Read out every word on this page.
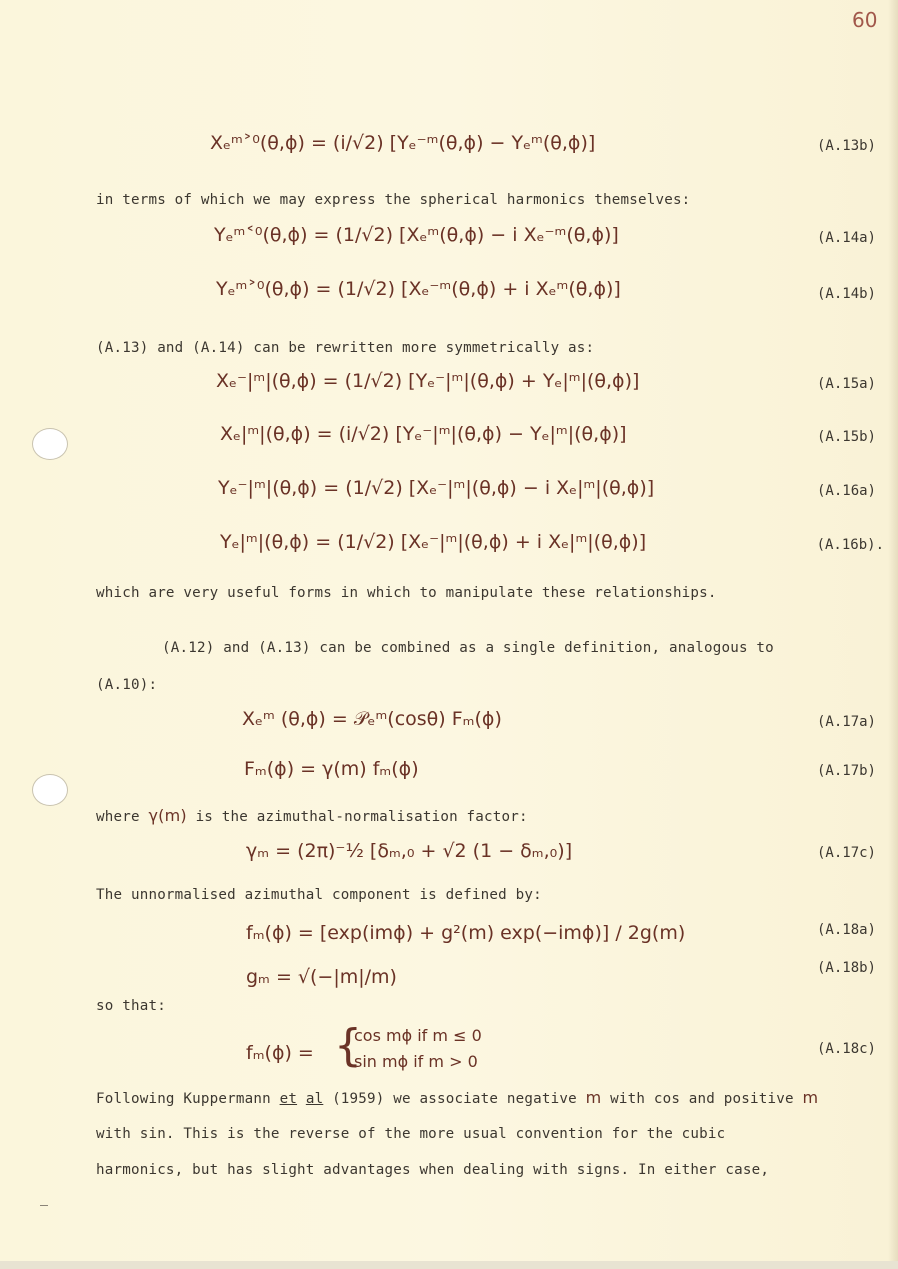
60
Xₑᵐ˃⁰(θ,ϕ) = (i/√2) [Yₑ⁻ᵐ(θ,ϕ) − Yₑᵐ(θ,ϕ)]	(A.13b)
in terms of which we may express the spherical harmonics themselves:
Yₑᵐ˂⁰(θ,ϕ) = (1/√2) [Xₑᵐ(θ,ϕ) − i Xₑ⁻ᵐ(θ,ϕ)]	(A.14a)
Yₑᵐ˃⁰(θ,ϕ) = (1/√2) [Xₑ⁻ᵐ(θ,ϕ) + i Xₑᵐ(θ,ϕ)]	(A.14b)
(A.13) and (A.14) can be rewritten more symmetrically as:
Xₑ⁻|ᵐ|(θ,ϕ) = (1/√2) [Yₑ⁻|ᵐ|(θ,ϕ) + Yₑ|ᵐ|(θ,ϕ)]	(A.15a)
Xₑ|ᵐ|(θ,ϕ) = (i/√2) [Yₑ⁻|ᵐ|(θ,ϕ) − Yₑ|ᵐ|(θ,ϕ)]	(A.15b)
Yₑ⁻|ᵐ|(θ,ϕ) = (1/√2) [Xₑ⁻|ᵐ|(θ,ϕ) − i Xₑ|ᵐ|(θ,ϕ)]	(A.16a)
Yₑ|ᵐ|(θ,ϕ) = (1/√2) [Xₑ⁻|ᵐ|(θ,ϕ) + i Xₑ|ᵐ|(θ,ϕ)]	(A.16b).
which are very useful forms in which to manipulate these relationships.
(A.12) and (A.13) can be combined as a single definition, analogous to
(A.10):
Xₑᵐ (θ,ϕ) = 𝒫ₑᵐ(cosθ) Fₘ(ϕ)	(A.17a)
Fₘ(ϕ) = γ(m) fₘ(ϕ)	(A.17b)
where γ(m) is the azimuthal-normalisation factor:
γₘ = (2π)⁻½ [δₘ,₀ + √2 (1 − δₘ,₀)]	(A.17c)
The unnormalised azimuthal component is defined by:
fₘ(ϕ) = [exp(imϕ) + g²(m) exp(−imϕ)] / 2g(m)	(A.18a)
gₘ = √(−|m|/m)	(A.18b)
so that:
fₘ(ϕ) = {
cos mϕ if m ≤ 0
sin mϕ if m > 0
(A.18c)
Following Kuppermann et al (1959) we associate negative m with cos and positive m
with sin. This is the reverse of the more usual convention for the cubic
harmonics, but has slight advantages when dealing with signs. In either case,
